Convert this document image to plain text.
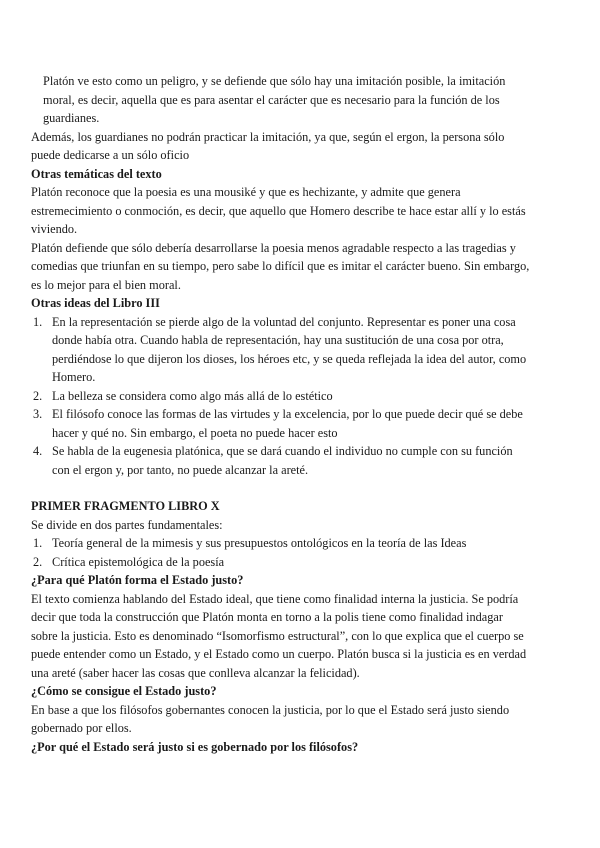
Platón ve esto como un peligro, y se defiende que sólo hay una imitación posible, la imitación moral, es decir, aquella que es para asentar el carácter que es necesario para la función de los guardianes.

Además, los guardianes no podrán practicar la imitación, ya que, según el ergon, la persona sólo puede dedicarse a un sólo oficio

Otras temáticas del texto

Platón reconoce que la poesia es una mousiké y que es hechizante, y admite que genera estremecimiento o conmoción, es decir, que aquello que Homero describe te hace estar allí y lo estás viviendo.

Platón defiende que sólo debería desarrollarse la poesia menos agradable respecto a las tragedias y comedias que triunfan en su tiempo, pero sabe lo difícil que es imitar el carácter bueno. Sin embargo, es lo mejor para el bien moral.

Otras ideas del Libro III

1. En la representación se pierde algo de la voluntad del conjunto. Representar es poner una cosa donde había otra. Cuando habla de representación, hay una sustitución de una cosa por otra, perdiéndose lo que dijeron los dioses, los héroes etc, y se queda reflejada la idea del autor, como Homero.
2. La belleza se considera como algo más allá de lo estético
3. El filósofo conoce las formas de las virtudes y la excelencia, por lo que puede decir qué se debe hacer y qué no. Sin embargo, el poeta no puede hacer esto
4. Se habla de la eugenesia platónica, que se dará cuando el individuo no cumple con su función con el ergon y, por tanto, no puede alcanzar la areté.

PRIMER FRAGMENTO LIBRO X

Se divide en dos partes fundamentales:

1. Teoría general de la mimesis y sus presupuestos ontológicos en la teoría de las Ideas
2. Crítica epistemológica de la poesía

¿Para qué Platón forma el Estado justo?

El texto comienza hablando del Estado ideal, que tiene como finalidad interna la justicia. Se podría decir que toda la construcción que Platón monta en torno a la polis tiene como finalidad indagar sobre la justicia. Esto es denominado “Isomorfismo estructural”, con lo que explica que el cuerpo se puede entender como un Estado, y el Estado como un cuerpo. Platón busca si la justicia es en verdad una areté (saber hacer las cosas que conlleva alcanzar la felicidad).

¿Cómo se consigue el Estado justo?

En base a que los filósofos gobernantes conocen la justicia, por lo que el Estado será justo siendo gobernado por ellos.

¿Por qué el Estado será justo si es gobernado por los filósofos?
